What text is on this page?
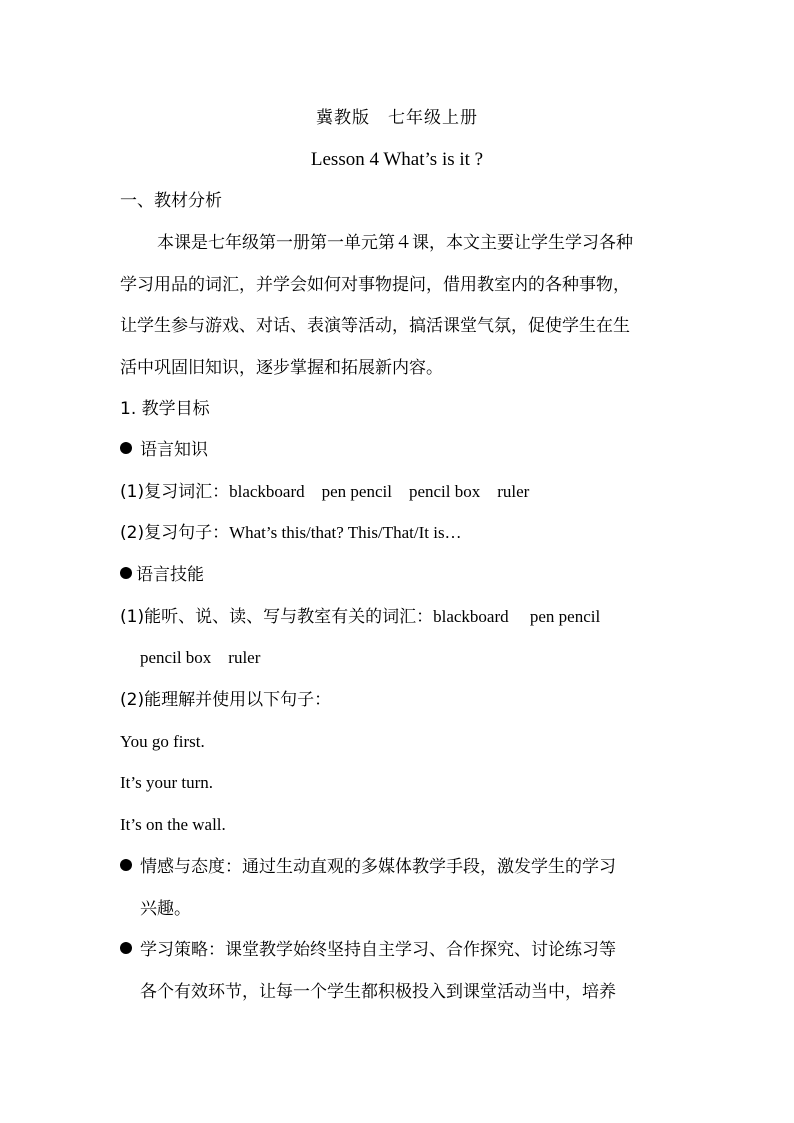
冀教版　七年级上册
Lesson 4 What’s is it ?
一、教材分析
本课是七年级第一册第一单元第４课，本文主要让学生学习各种
学习用品的词汇，并学会如何对事物提问，借用教室内的各种事物，
让学生参与游戏、对话、表演等活动，搞活课堂气氛，促使学生在生
活中巩固旧知识，逐步掌握和拓展新内容。
1. 教学目标
语言知识
(1)复习词汇：blackboard　pen pencil　pencil box　ruler
(2)复习句子：What’s this/that? This/That/It is…
语言技能
(1)能听、说、读、写与教室有关的词汇：blackboard　 pen pencil
pencil box　ruler
(2)能理解并使用以下句子：
You go first.
It’s your turn.
It’s on the wall.
情感与态度：通过生动直观的多媒体教学手段，激发学生的学习
兴趣。
学习策略：课堂教学始终坚持自主学习、合作探究、讨论练习等
各个有效环节，让每一个学生都积极投入到课堂活动当中，培养
